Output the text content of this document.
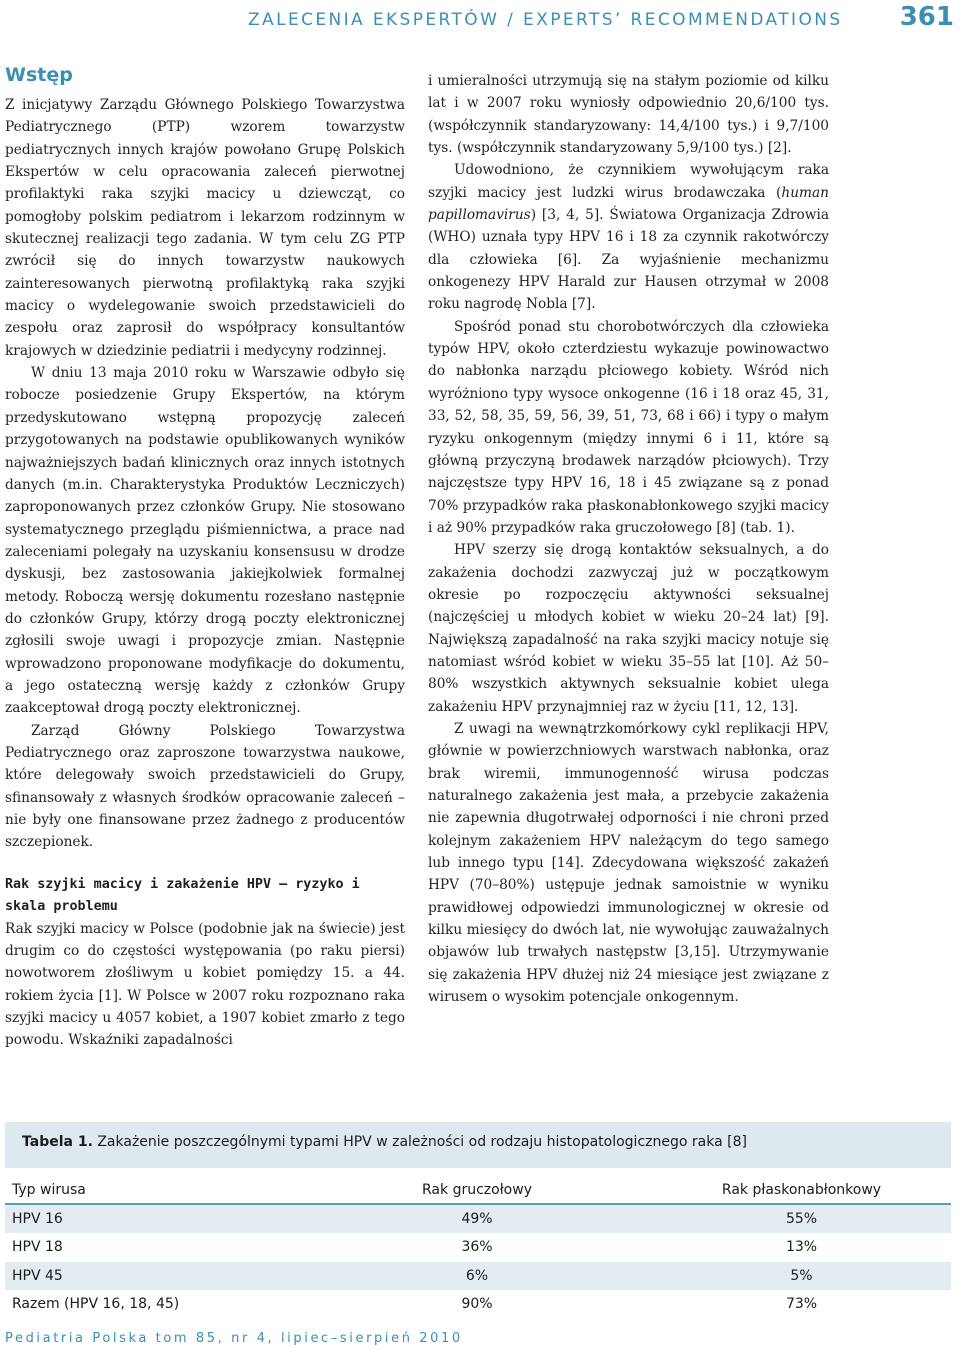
ZALECENIA EKSPERTÓW / EXPERTS’ RECOMMENDATIONS 361
Wstęp

Z inicjatywy Zarządu Głównego Polskiego Towarzystwa Pediatrycznego (PTP) wzorem towarzystw pediatrycznych innych krajów powołano Grupę Polskich Ekspertów w celu opracowania zaleceń pierwotnej profilaktyki raka szyjki macicy u dziewcząt, co pomogłoby polskim pediatrom i lekarzom rodzinnym w skutecznej realizacji tego zadania. W tym celu ZG PTP zwrócił się do innych towarzystw naukowych zainteresowanych pierwotną profilaktyką raka szyjki macicy o wydelegowanie swoich przedstawicieli do zespołu oraz zaprosił do współpracy konsultantów krajowych w dziedzinie pediatrii i medycyny rodzinnej.

W dniu 13 maja 2010 roku w Warszawie odbyło się robocze posiedzenie Grupy Ekspertów, na którym przedyskutowano wstępną propozycję zaleceń przygotowanych na podstawie opublikowanych wyników najważniejszych badań klinicznych oraz innych istotnych danych (m.in. Charakterystyka Produktów Leczniczych) zaproponowanych przez członków Grupy. Nie stosowano systematycznego przeglądu piśmiennictwa, a prace nad zaleceniami polegały na uzyskaniu konsensusu w drodze dyskusji, bez zastosowania jakiejkolwiek formalnej metody. Roboczą wersję dokumentu rozesłano następnie do członków Grupy, którzy drogą poczty elektronicznej zgłosili swoje uwagi i propozycje zmian. Następnie wprowadzono proponowane modyfikacje do dokumentu, a jego ostateczną wersję każdy z członków Grupy zaakceptował drogą poczty elektronicznej.

Zarząd Główny Polskiego Towarzystwa Pediatrycznego oraz zaproszone towarzystwa naukowe, które delegowały swoich przedstawicieli do Grupy, sfinansowały z własnych środków opracowanie zaleceń – nie były one finansowane przez żadnego z producentów szczepionek.

Rak szyjki macicy i zakażenie HPV – ryzyko i skala problemu

Rak szyjki macicy w Polsce (podobnie jak na świecie) jest drugim co do częstości występowania (po raku piersi) nowotworem złośliwym u kobiet pomiędzy 15. a 44. rokiem życia [1]. W Polsce w 2007 roku rozpoznano raka szyjki macicy u 4057 kobiet, a 1907 kobiet zmarło z tego powodu. Wskaźniki zapadalności

i umieralności utrzymują się na stałym poziomie od kilku lat i w 2007 roku wyniosły odpowiednio 20,6/100 tys. (współczynnik standaryzowany: 14,4/100 tys.) i 9,7/100 tys. (współczynnik standaryzowany 5,9/100 tys.) [2].

Udowodniono, że czynnikiem wywołującym raka szyjki macicy jest ludzki wirus brodawczaka (human papillomavirus) [3, 4, 5]. Światowa Organizacja Zdrowia (WHO) uznała typy HPV 16 i 18 za czynnik rakotwórczy dla człowieka [6]. Za wyjaśnienie mechanizmu onkogenezy HPV Harald zur Hausen otrzymał w 2008 roku nagrodę Nobla [7].

Spośród ponad stu chorobotwórczych dla człowieka typów HPV, około czterdziestu wykazuje powinowactwo do nabłonka narządu płciowego kobiety. Wśród nich wyróżniono typy wysoce onkogenne (16 i 18 oraz 45, 31, 33, 52, 58, 35, 59, 56, 39, 51, 73, 68 i 66) i typy o małym ryzyku onkogennym (między innymi 6 i 11, które są główną przyczyną brodawek narządów płciowych). Trzy najczęstsze typy HPV 16, 18 i 45 związane są z ponad 70% przypadków raka płaskonabłonkowego szyjki macicy i aż 90% przypadków raka gruczołowego [8] (tab. 1).

HPV szerzy się drogą kontaktów seksualnych, a do zakażenia dochodzi zazwyczaj już w początkowym okresie po rozpoczęciu aktywności seksualnej (najczęściej u młodych kobiet w wieku 20–24 lat) [9]. Największą zapadalność na raka szyjki macicy notuje się natomiast wśród kobiet w wieku 35–55 lat [10]. Aż 50–80% wszystkich aktywnych seksualnie kobiet ulega zakażeniu HPV przynajmniej raz w życiu [11, 12, 13].

Z uwagi na wewnątrzkomórkowy cykl replikacji HPV, głównie w powierzchniowych warstwach nabłonka, oraz brak wiremii, immunogenność wirusa podczas naturalnego zakażenia jest mała, a przebycie zakażenia nie zapewnia długotrwałej odporności i nie chroni przed kolejnym zakażeniem HPV należącym do tego samego lub innego typu [14]. Zdecydowana większość zakażeń HPV (70–80%) ustępuje jednak samoistnie w wyniku prawidłowej odpowiedzi immunologicznej w okresie od kilku miesięcy do dwóch lat, nie wywołując zauważalnych objawów lub trwałych następstw [3,15]. Utrzymywanie się zakażenia HPV dłużej niż 24 miesiące jest związane z wirusem o wysokim potencjale onkogennym.

Tabela 1. Zakażenie poszczególnymi typami HPV w zależności od rodzaju histopatologicznego raka [8]
Typ wirusa	Rak gruczołowy	Rak płaskonabłonkowy
HPV 16	49%	55%
HPV 18	36%	13%
HPV 45	6%	5%
Razem (HPV 16, 18, 45)	90%	73%
Pediatria Polska tom 85, nr 4, lipiec–sierpień 2010
